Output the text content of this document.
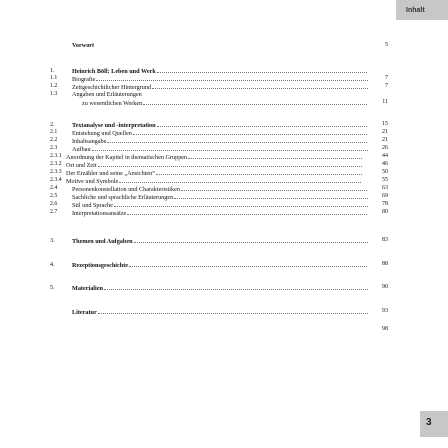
Inhalt
Vorwort	5
1.	Heinrich Böll: Leben und Werk
1.1	Biografie	7
1.2	Zeitgeschichtlicher Hintergrund	7
1.3	Angaben und Erläuterungen
zu wesentlichen Werken	11
2.	Textanalyse und -interpretation	15
2.1	Entstehung und Quellen	21
2.2	Inhaltsangabe	21
2.3	Aufbau	26
2.3.1 Anordnung der Kapitel in thematischen Gruppen	44
2.3.2 Ort und Zeit	46
2.3.3 Der Erzähler und seine „Ansichten“	50
2.3.4 Motive und Symbole	55
2.4	Personenkonstellation und Charakteristiken	63
2.5	Sachliche und sprachliche Erläuterungen	69
2.6	Stil und Sprache	78
2.7	Interpretationsansätze	80
3.	Themen und Aufgaben	83
4.	Rezeptionsgeschichte	88
5.	Materialien	90
Literatur	93
98
3
